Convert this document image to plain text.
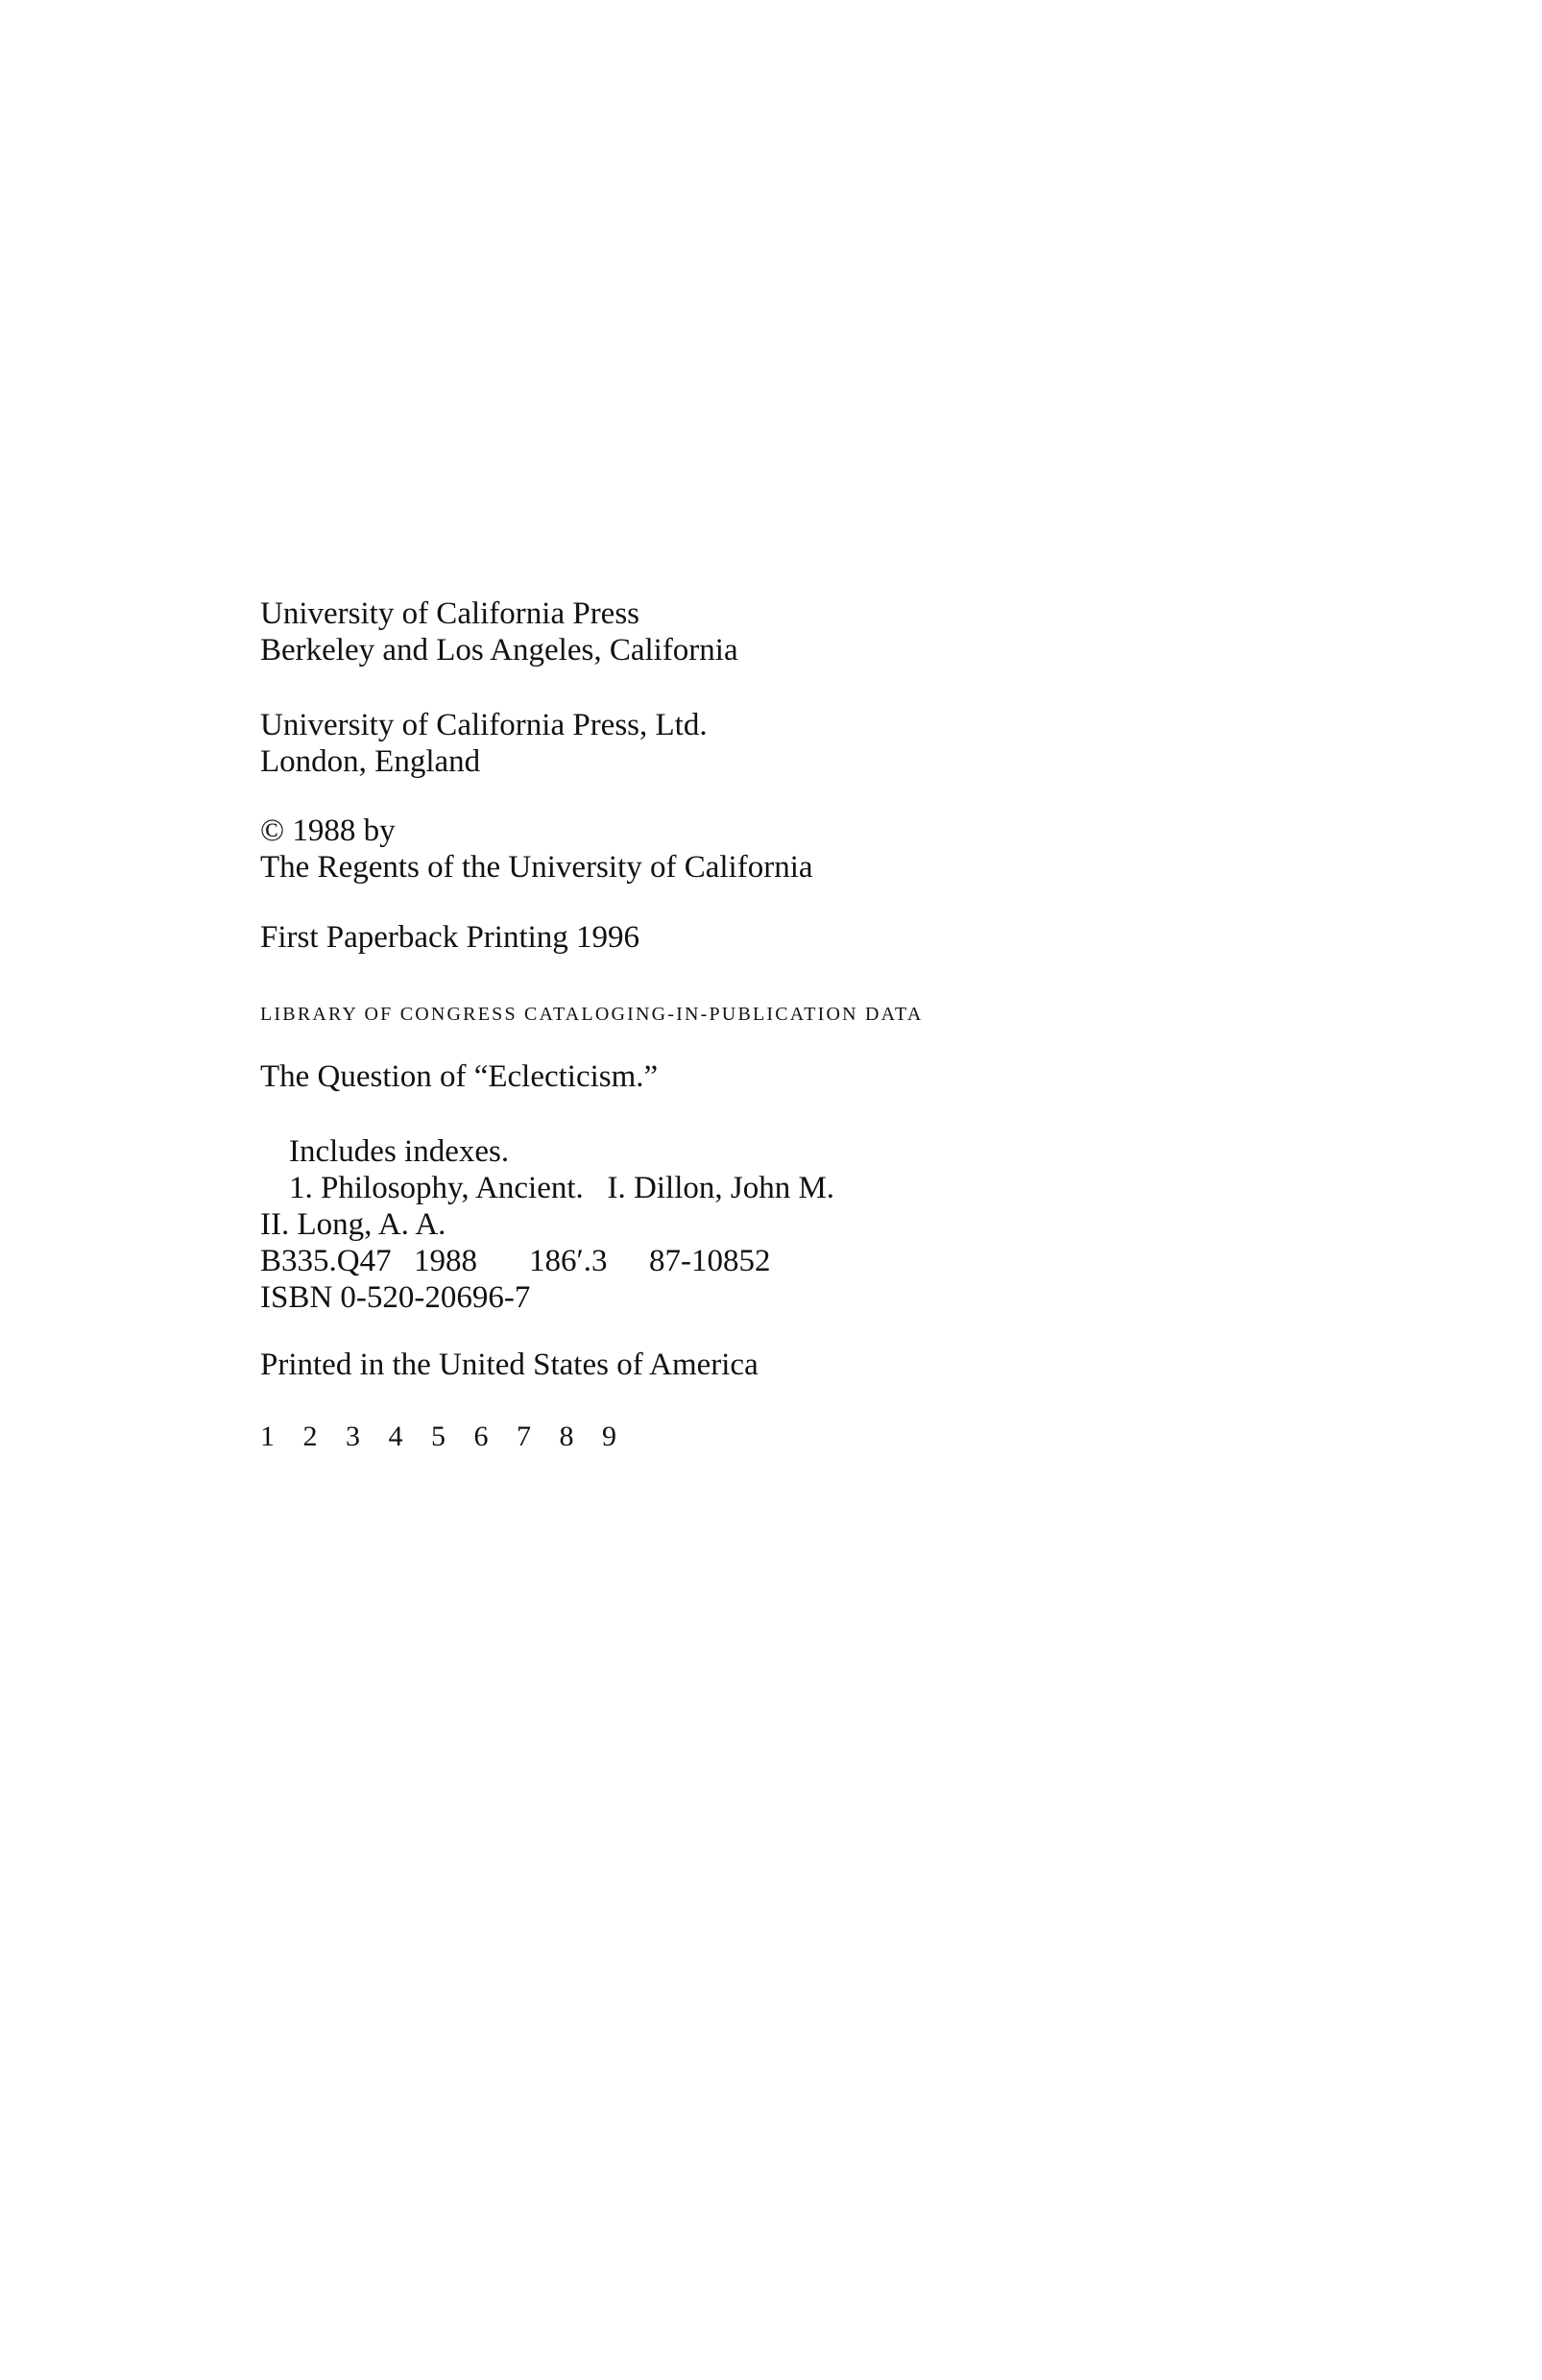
University of California Press
Berkeley and Los Angeles, California
University of California Press, Ltd.
London, England
© 1988 by
The Regents of the University of California
First Paperback Printing 1996
LIBRARY OF CONGRESS CATALOGING-IN-PUBLICATION DATA
The Question of “Eclecticism.”
Includes indexes.
1. Philosophy, Ancient.   I. Dillon, John M.
II. Long, A. A.
B335.Q47 1988 186′.3 87-10852
ISBN 0-520-20696-7
Printed in the United States of America
1 2 3 4 5 6 7 8 9
